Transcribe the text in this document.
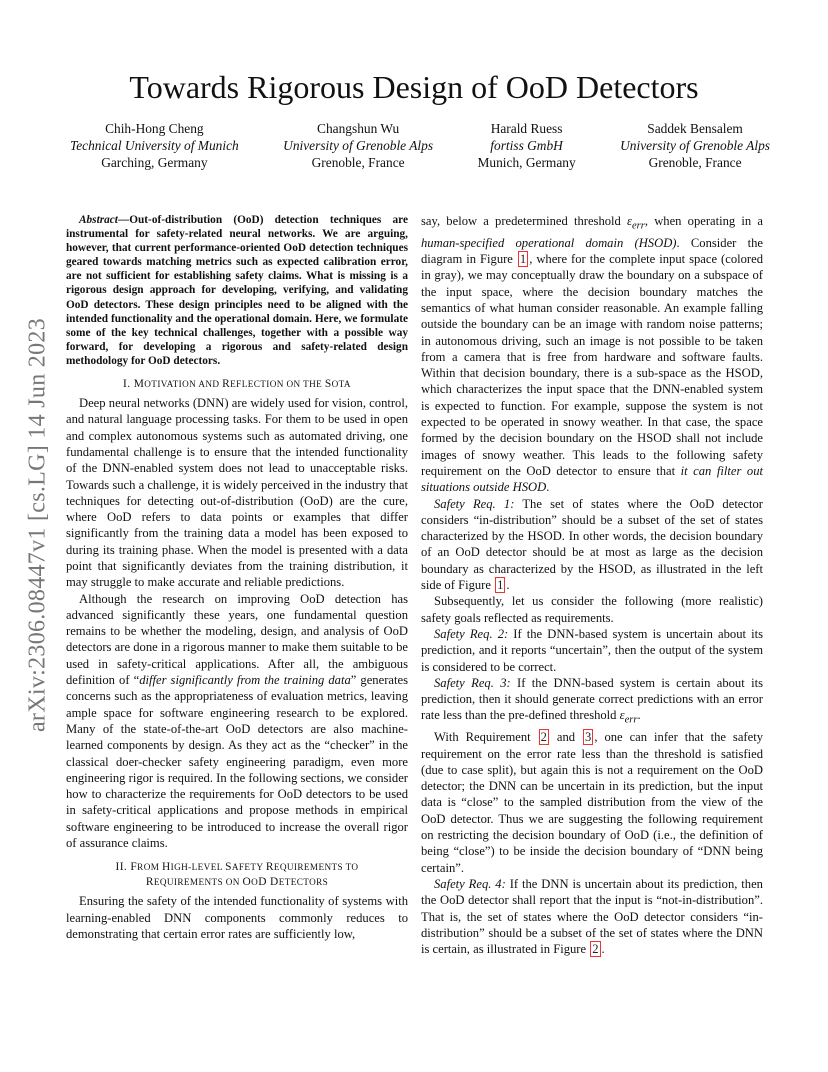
Towards Rigorous Design of OoD Detectors
Chih-Hong Cheng
Technical University of Munich
Garching, Germany
Changshun Wu
University of Grenoble Alps
Grenoble, France
Harald Ruess
fortiss GmbH
Munich, Germany
Saddek Bensalem
University of Grenoble Alps
Grenoble, France
arXiv:2306.08447v1 [cs.LG] 14 Jun 2023

Abstract—Out-of-distribution (OoD) detection techniques are instrumental for safety-related neural networks. We are arguing, however, that current performance-oriented OoD detection techniques geared towards matching metrics such as expected calibration error, are not sufficient for establishing safety claims. What is missing is a rigorous design approach for developing, verifying, and validating OoD detectors. These design principles need to be aligned with the intended functionality and the operational domain. Here, we formulate some of the key technical challenges, together with a possible way forward, for developing a rigorous and safety-related design methodology for OoD detectors.

I. MOTIVATION AND REFLECTION ON THE SOTA

Deep neural networks (DNN) are widely used for vision, control, and natural language processing tasks. For them to be used in open and complex autonomous systems such as automated driving, one fundamental challenge is to ensure that the intended functionality of the DNN-enabled system does not lead to unacceptable risks. Towards such a challenge, it is widely perceived in the industry that techniques for detecting out-of-distribution (OoD) are the cure, where OoD refers to data points or examples that differ significantly from the training data a model has been exposed to during its training phase. When the model is presented with a data point that significantly deviates from the training distribution, it may struggle to make accurate and reliable predictions.

Although the research on improving OoD detection has advanced significantly these years, one fundamental question remains to be whether the modeling, design, and analysis of OoD detectors are done in a rigorous manner to make them suitable to be used in safety-critical applications. After all, the ambiguous definition of “differ significantly from the training data” generates concerns such as the appropriateness of evaluation metrics, leaving ample space for software engineering research to be explored. Many of the state-of-the-art OoD detectors are also machine-learned components by design. As they act as the “checker” in the classical doer-checker safety engineering paradigm, even more engineering rigor is required. In the following sections, we consider how to characterize the requirements for OoD detectors to be used in safety-critical applications and propose methods in empirical software engineering to be introduced to increase the overall rigor of assurance claims.

II. FROM HIGH-LEVEL SAFETY REQUIREMENTS TO
REQUIREMENTS ON OOD DETECTORS

Ensuring the safety of the intended functionality of systems with learning-enabled DNN components commonly reduces to demonstrating that certain error rates are sufficiently low,

say, below a predetermined threshold $\varepsilon_{err}$, when operating in a human-specified operational domain (HSOD). Consider the diagram in Figure 1 , where for the complete input space (colored in gray), we may conceptually draw the boundary on a subspace of the input space, where the decision boundary matches the semantics of what human consider reasonable. An example falling outside the boundary can be an image with random noise patterns; in autonomous driving, such an image is not possible to be taken from a camera that is free from hardware and software faults. Within that decision boundary, there is a sub-space as the HSOD, which characterizes the input space that the DNN-enabled system is expected to function. For example, suppose the system is not expected to be operated in snowy weather. In that case, the space formed by the decision boundary on the HSOD shall not include images of snowy weather. This leads to the following safety requirement on the OoD detector to ensure that it can filter out situations outside HSOD.

Safety Req. 1: The set of states where the OoD detector considers “in-distribution” should be a subset of the set of states characterized by the HSOD. In other words, the decision boundary of an OoD detector should be at most as large as the decision boundary as characterized by the HSOD, as illustrated in the left side of Figure 1 .

Subsequently, let us consider the following (more realistic) safety goals reflected as requirements.

Safety Req. 2: If the DNN-based system is uncertain about its prediction, and it reports “uncertain”, then the output of the system is considered to be correct.

Safety Req. 3: If the DNN-based system is certain about its prediction, then it should generate correct predictions with an error rate less than the pre-defined threshold $\varepsilon_{err}$.

With Requirement 2 and 3 , one can infer that the safety requirement on the error rate less than the threshold is satisfied (due to case split), but again this is not a requirement on the OoD detector; the DNN can be uncertain in its prediction, but the input data is “close” to the sampled distribution from the view of the OoD detector. Thus we are suggesting the following requirement on restricting the decision boundary of OoD (i.e., the definition of being “close”) to be inside the decision boundary of “DNN being certain”.

Safety Req. 4: If the DNN is uncertain about its prediction, then the OoD detector shall report that the input is “not-in-distribution”. That is, the set of states where the OoD detector considers “in-distribution” should be a subset of the set of states where the DNN is certain, as illustrated in Figure 2 .
